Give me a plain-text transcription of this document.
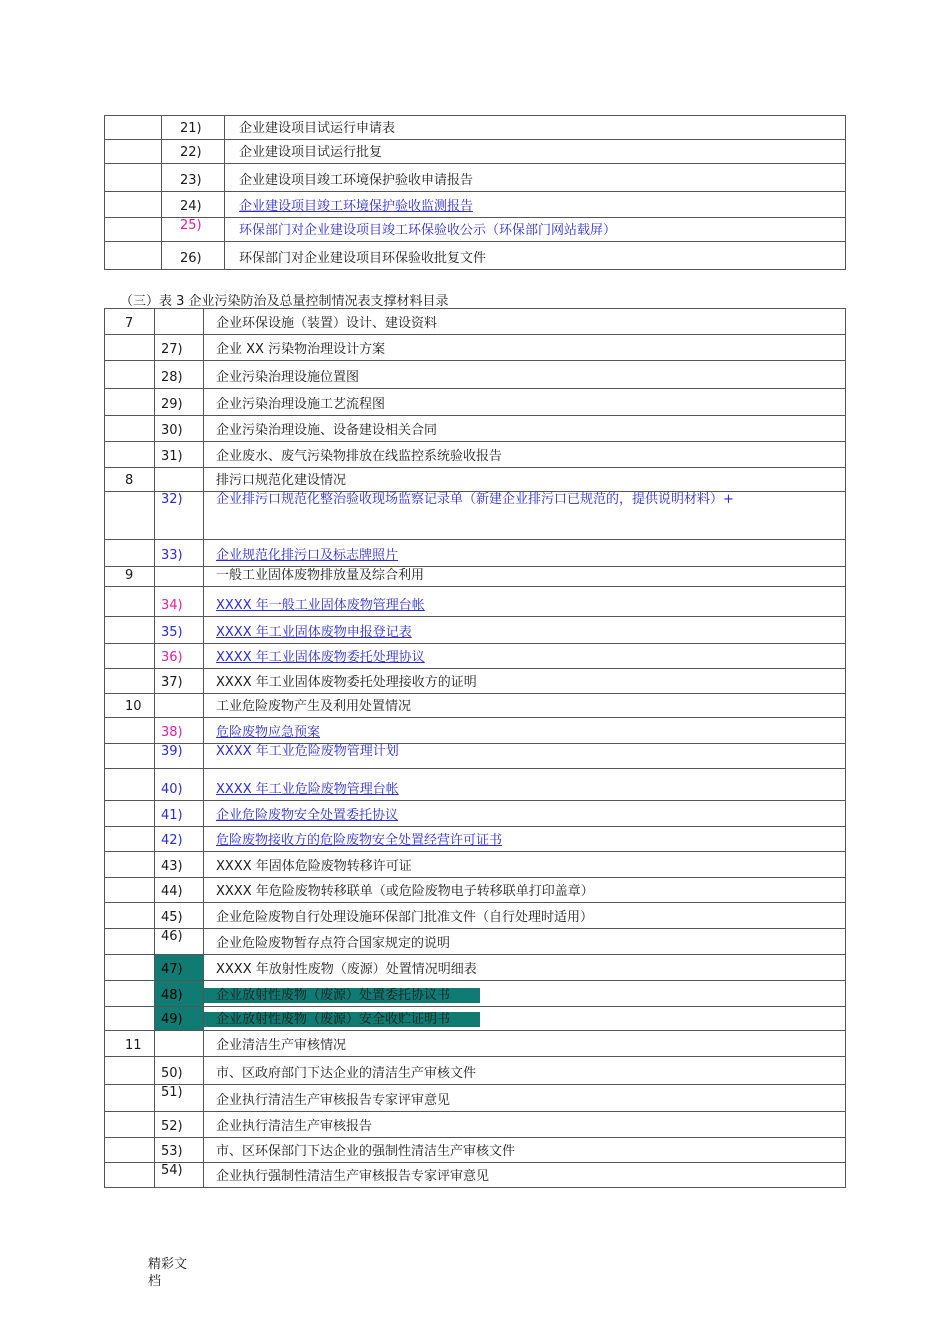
	21)	企业建设项目试运行申请表
	22)	企业建设项目试运行批复
	23)	企业建设项目竣工环境保护验收申请报告
	24)	企业建设项目竣工环境保护验收监测报告
	25)	环保部门对企业建设项目竣工环保验收公示（环保部门网站载屏）
	26)	环保部门对企业建设项目环保验收批复文件
（三）表 3 企业污染防治及总量控制情况表支撑材料目录
7		企业环保设施（装置）设计、建设资料
	27)	企业 XX 污染物治理设计方案
	28)	企业污染治理设施位置图
	29)	企业污染治理设施工艺流程图
	30)	企业污染治理设施、设备建设相关合同
	31)	企业废水、废气污染物排放在线监控系统验收报告
8		排污口规范化建设情况
	32)	企业排污口规范化整治验收现场监察记录单（新建企业排污口已规范的，提供说明材料）+
	33)	企业规范化排污口及标志牌照片
9		一般工业固体废物排放量及综合利用
	34)	XXXX 年一般工业固体废物管理台帐
	35)	XXXX 年工业固体废物申报登记表
	36)	XXXX 年工业固体废物委托处理协议
	37)	XXXX 年工业固体废物委托处理接收方的证明
10		工业危险废物产生及利用处置情况
	38)	危险废物应急预案
	39)	XXXX 年工业危险废物管理计划
	40)	XXXX 年工业危险废物管理台帐
	41)	企业危险废物安全处置委托协议
	42)	危险废物接收方的危险废物安全处置经营许可证书
	43)	XXXX 年固体危险废物转移许可证
	44)	XXXX 年危险废物转移联单（或危险废物电子转移联单打印盖章）
	45)	企业危险废物自行处理设施环保部门批准文件（自行处理时适用）
	46)	企业危险废物暂存点符合国家规定的说明
	47)	XXXX 年放射性废物（废源）处置情况明细表
	48)	企业放射性废物（废源）处置委托协议书
	49)	企业放射性废物（废源）安全收贮证明书
11		企业清洁生产审核情况
	50)	市、区政府部门下达企业的清洁生产审核文件
	51)	企业执行清洁生产审核报告专家评审意见
	52)	企业执行清洁生产审核报告
	53)	市、区环保部门下达企业的强制性清洁生产审核文件
	54)	企业执行强制性清洁生产审核报告专家评审意见
精彩文档
